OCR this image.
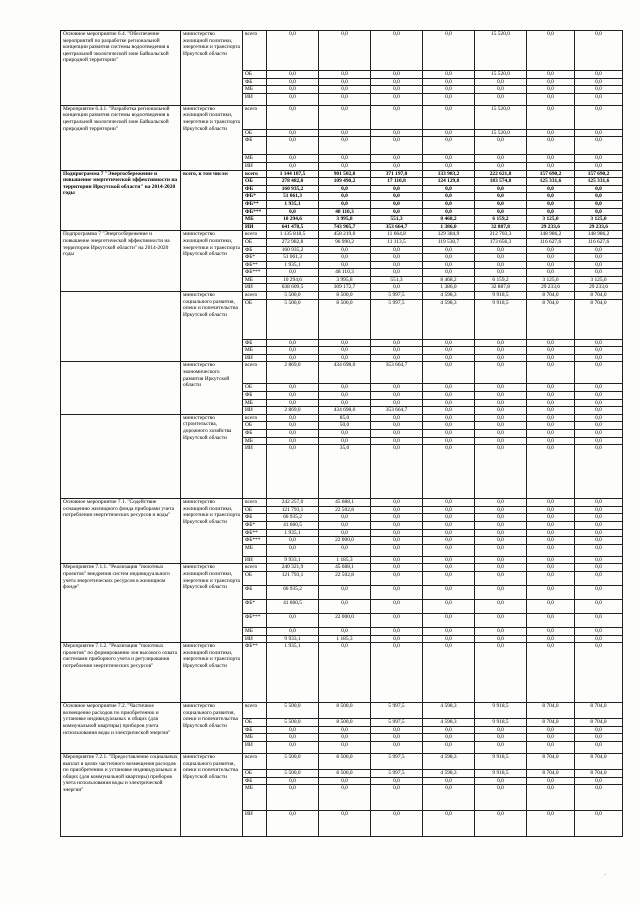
Основное мероприятие 6.4. "Обеспечение мероприятий по разработке региональной концепции развития системы водоотведения в центральной экологической зоне Байкальской природной территории"	министерство жилищной политики, энергетики и транспорта Иркутской области	всего	0,0	0,0	0,0	0,0	15 520,0	0,0	0,0
		ОБ	0,0	0,0	0,0	0,0	15 520,0	0,0	0,0
		ФБ	0,0	0,0	0,0	0,0	0,0	0,0	0,0
		МБ	0,0	0,0	0,0	0,0	0,0	0,0	0,0
		ИИ	0,0	0,0	0,0	0,0	0,0	0,0	0,0
Мероприятие 6.4.1. "Разработка региональной концепции развития системы водоотведения в центральной экологической зоне Байкальской природной территории"	министерство жилищной политики, энергетики и транспорта Иркутской области	всего	0,0	0,0	0,0	0,0	15 520,0	0,0	0,0
		ОБ	0,0	0,0	0,0	0,0	15 520,0	0,0	0,0
		ФБ	0,0	0,0	0,0	0,0	0,0	0,0	0,0
		МБ	0,0	0,0	0,0	0,0	0,0	0,0	0,0
		ИИ	0,0	0,0	0,0	0,0	0,0	0,0	0,0
Подпрограмма 7 "Энергосбережение и повышение энергетической эффективности на территории Иркутской области" на 2014-2020 годы	всего, в том числе:	всего	1 144 187,5	901 502,0	371 197,0	133 983,2	222 621,8	157 690,2	157 690,2
		ОБ	278 482,0	109 490,2	17 110,8	124 129,0	183 574,8	125 331,6	125 331,6
		ФБ	160 935,2	0,0	0,0	0,0	0,0	0,0	0,0
		ФБ*	51 061,3	0,0	0,0	0,0	0,0	0,0	0,0
		ФБ**	1 935,1	0,0	0,0	0,0	0,0	0,0	0,0
		ФБ***	0,0	48 110,3	0,0	0,0	0,0	0,0	0,0
		МБ	10 294,6	3 995,8	551,3	8 468,2	6 159,2	3 125,0	3 125,0
		ИИ	641 478,5	743 905,7	353 664,7	1 386,0	32 887,8	29 233,6	29 233,6
Подпрограмма 7 "Энергосбережение и повышение энергетической эффективности на территории Иркутской области" на 2014-2020 годы	министерство жилищной политики, энергетики и транспорта Иркутской области	всего	1 135 818,5	458 219,0	11 664,8	129 384,9	212 703,3	148 986,2	148 986,2
		ОБ	272 982,8	96 990,2	11 113,5	119 530,7	173 656,3	116 627,6	116 627,6
		ФБ	160 935,2	0,0	0,0	0,0	0,0	0,0	0,0
		ФБ*	51 061,3	0,0	0,0	0,0	0,0	0,0	0,0
		ФБ**	1 935,1	0,0	0,0	0,0	0,0	0,0	0,0
		ФБ***	0,0	48 110,3	0,0	0,0	0,0	0,0	0,0
		МБ	10 294,6	3 995,8	551,3	8 468,2	6 159,2	3 125,0	3 125,0
		ИИ	638 609,5	309 172,7	0,0	1 386,0	32 887,8	29 233,6	29 233,6
	министерство социального развития, опеки и попечительства Иркутской области	всего	5 500,0	8 500,0	5 997,5	4 598,3	9 918,5	8 704,0	8 704,0
		ОБ	5 500,0	8 500,0	5 997,5	4 598,3	9 918,5	8 704,0	8 704,0
		ФБ	0,0	0,0	0,0	0,0	0,0	0,0	0,0
		МБ	0,0	0,0	0,0	0,0	0,0	0,0	0,0
		ИИ	0,0	0,0	0,0	0,0	0,0	0,0	0,0
	министерство экономического развития Иркутской области	всего	2 869,0	434 698,0	353 664,7	0,0	0,0	0,0	0,0
		ОБ	0,0	0,0	0,0	0,0	0,0	0,0	0,0
		ФБ	0,0	0,0	0,0	0,0	0,0	0,0	0,0
		МБ	0,0	0,0	0,0	0,0	0,0	0,0	0,0
		ИИ	2 869,0	434 698,0	353 664,7	0,0	0,0	0,0	0,0
	министерство строительства, дорожного хозяйства Иркутской области	всего	0,0	85,0	0,0	0,0	0,0	0,0	0,0
		ОБ	0,0	50,0	0,0	0,0	0,0	0,0	0,0
		ФБ	0,0	0,0	0,0	0,0	0,0	0,0	0,0
		МБ	0,0	0,0	0,0	0,0	0,0	0,0	0,0
		ИИ	0,0	35,0	0,0	0,0	0,0	0,0	0,0
Основное мероприятие 7.1. "Содействие оснащению жилищного фонда приборами учета потребления энергетических ресурсов и воды"	министерство жилищной политики, энергетики и транспорта Иркутской области	всего	242 257,0	45 688,1	0,0	0,0	0,0	0,0	0,0
		ОБ	121 793,1	22 502,8	0,0	0,0	0,0	0,0	0,0
		ФБ	66 935,2	0,0	0,0	0,0	0,0	0,0	0,0
		ФБ*	41 660,5	0,0	0,0	0,0	0,0	0,0	0,0
		ФБ**	1 935,1	0,0	0,0	0,0	0,0	0,0	0,0
		ФБ***	0,0	22 000,0	0,0	0,0	0,0	0,0	0,0
		МБ	0,0	0,0	0,0	0,0	0,0	0,0	0,0
		ИИ	9 933,1	1 185,3	0,0	0,0	0,0	0,0	0,0
Мероприятие 7.1.1. "Реализация "пилотных проектов" внедрения систем индивидуального учета энергетических ресурсов в жилищном фонде"	министерство жилищной политики, энергетики и транспорта Иркутской области	всего	240 321,9	45 688,1	0,0	0,0	0,0	0,0	0,0
		ОБ	121 793,1	22 502,8	0,0	0,0	0,0	0,0	0,0
		ФБ	66 935,2	0,0	0,0	0,0	0,0	0,0	0,0
		ФБ*	41 660,5	0,0	0,0	0,0	0,0	0,0	0,0
		ФБ***	0,0	22 000,0	0,0	0,0	0,0	0,0	0,0
		МБ	0,0	0,0	0,0	0,0	0,0	0,0	0,0
		ИИ	9 933,1	1 185,3	0,0	0,0	0,0	0,0	0,0
Мероприятие 7.1.2. "Реализация "пилотных проектов" по формированию зон высокого охвата системами приборного учета и регулирования потребления энергетических ресурсов"	министерство жилищной политики, энергетики и транспорта Иркутской области	ФБ**	1 935,1	0,0	0,0	0,0	0,0	0,0	0,0
Основное мероприятие 7.2. "Частичное возмещение расходов по приобретению и установке индивидуальных и общих (для коммунальной квартиры) приборов учета использования воды и электрической энергии"	министерство социального развития, опеки и попечительства Иркутской области	всего	5 500,0	8 500,0	5 997,5	4 598,3	9 918,5	8 704,0	8 704,0
		ОБ	5 500,0	8 500,0	5 997,5	4 598,3	9 918,5	8 704,0	8 704,0
		ФБ	0,0	0,0	0,0	0,0	0,0	0,0	0,0
		МБ	0,0	0,0	0,0	0,0	0,0	0,0	0,0
		ИИ	0,0	0,0	0,0	0,0	0,0	0,0	0,0
Мероприятие 7.2.1. "Предоставление социальных выплат в целях частичного возмещения расходов по приобретению и установке индивидуальных и общих (для коммунальной квартиры) приборов учета использования воды и электрической энергии"	министерство социального развития, опеки и попечительства Иркутской области	всего	5 500,0	8 500,0	5 997,5	4 598,3	9 918,5	8 704,0	8 704,0
		ОБ	5 500,0	8 500,0	5 997,5	4 598,3	9 918,5	8 704,0	8 704,0
		ФБ	0,0	0,0	0,0	0,0	0,0	0,0	0,0
		МБ	0,0	0,0	0,0	0,0	0,0	0,0	0,0
		ИИ	0,0	0,0	0,0	0,0	0,0	0,0	0,0
-
